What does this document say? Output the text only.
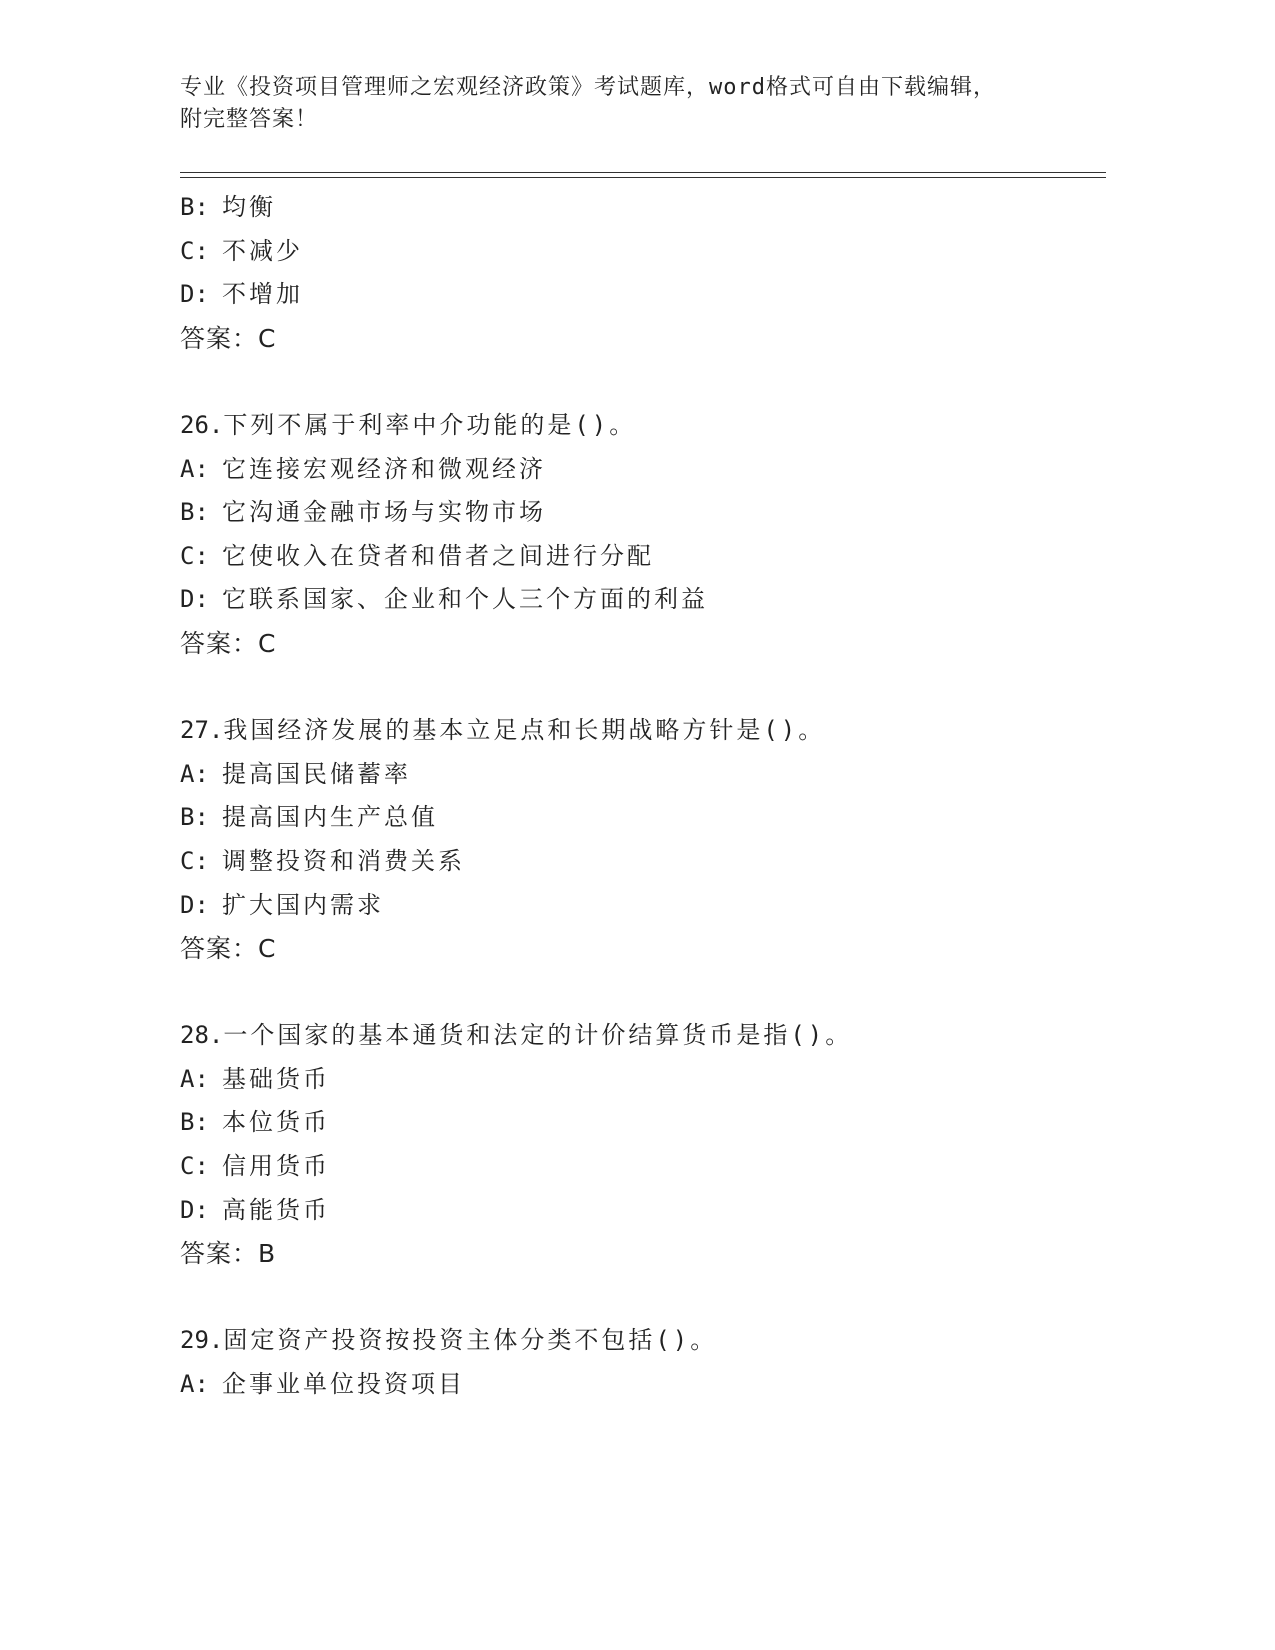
专业《投资项目管理师之宏观经济政策》考试题库，word格式可自由下载编辑，
附完整答案！
B: 均衡
C: 不减少
D: 不增加
答案：C
26.下列不属于利率中介功能的是()。
A: 它连接宏观经济和微观经济
B: 它沟通金融市场与实物市场
C: 它使收入在贷者和借者之间进行分配
D: 它联系国家、企业和个人三个方面的利益
答案：C
27.我国经济发展的基本立足点和长期战略方针是()。
A: 提高国民储蓄率
B: 提高国内生产总值
C: 调整投资和消费关系
D: 扩大国内需求
答案：C
28.一个国家的基本通货和法定的计价结算货币是指()。
A: 基础货币
B: 本位货币
C: 信用货币
D: 高能货币
答案：B
29.固定资产投资按投资主体分类不包括()。
A: 企事业单位投资项目
